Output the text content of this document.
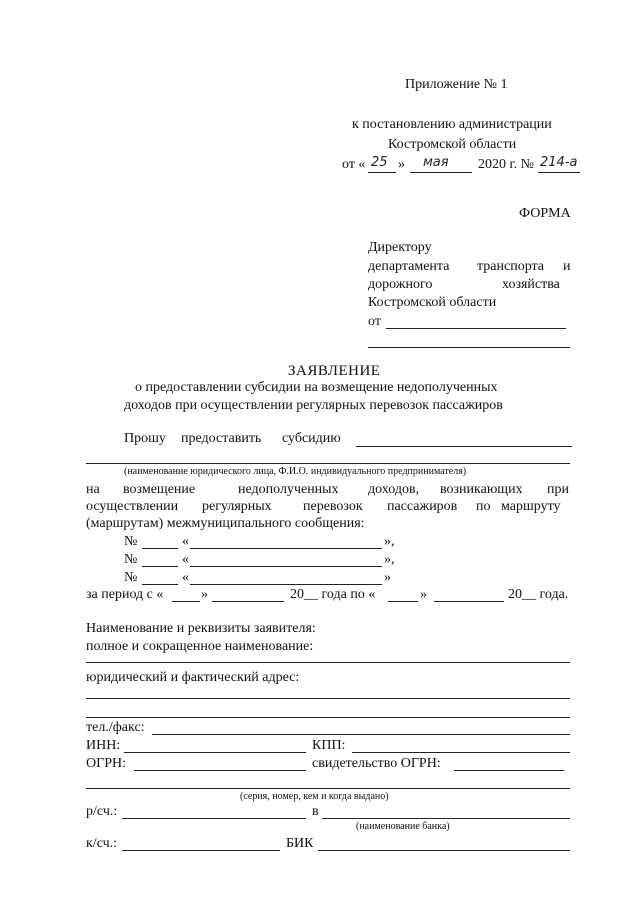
Приложение № 1
к постановлению администрации
Костромской области
от « 25 » мая 2020 г. № 214-а
ФОРМА
Директору
департамента транспорта и
дорожного	хозяйства
Костромской области
от
ЗАЯВЛЕНИЕ
о предоставлении субсидии на возмещение недополученных
доходов при осуществлении регулярных перевозок пассажиров
Прошу предоставить субсидию
(наименование юридического лица, Ф.И.О. индивидуального предпринимателя)
на возмещение	недополученных доходов, возникающих при
осуществлении регулярных перевозок пассажиров по маршруту
(маршрутам) межмуниципального сообщения:
№	«	»,
№	«	»,
№	«	»
за период с «	»	20__ года по «	»	20__ года.
Наименование и реквизиты заявителя:
полное и сокращенное наименование:
юридический и фактический адрес:
тел./факс:
ИНН:	КПП:
ОГРН:	свидетельство ОГРН:
(серия, номер, кем и когда выдано)
р/сч.:	в
(наименование банка)
к/сч.:	БИК
